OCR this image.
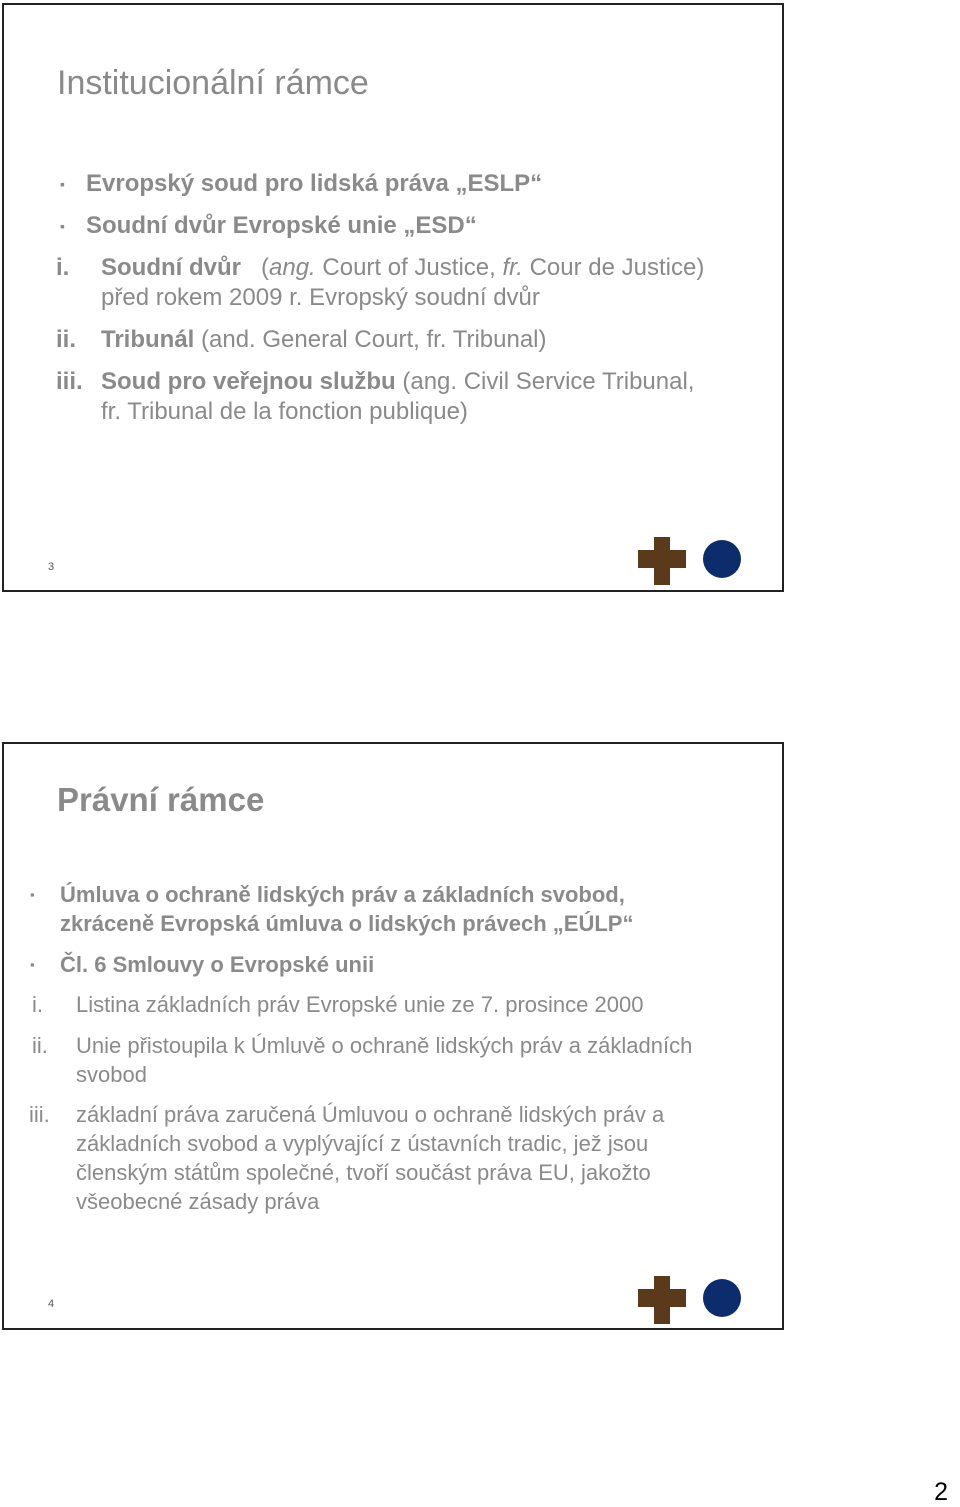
Institucionální rámce
▪ Evropský soud pro lidská práva „ESLP“
▪ Soudní dvůr Evropské unie „ESD“
i. Soudní dvůr   (ang. Court of Justice, fr. Cour de Justice)
před rokem 2009 r. Evropský soudní dvůr
ii. Tribunál (and. General Court, fr. Tribunal)
iii. Soud pro veřejnou službu (ang. Civil Service Tribunal,
fr. Tribunal de la fonction publique)
3
Právní rámce
▪ Úmluva o ochraně lidských práv a základních svobod,
zkráceně Evropská úmluva o lidských právech „EÚLP“
▪ Čl. 6 Smlouvy o Evropské unii
i. Listina základních práv Evropské unie ze 7. prosince 2000
ii. Unie přistoupila k Úmluvě o ochraně lidských práv a základních
svobod
iii. základní práva zaručená Úmluvou o ochraně lidských práv a
základních svobod a vyplývající z ústavních tradic, jež jsou
členským státům společné, tvoří součást práva EU, jakožto
všeobecné zásady práva
4
2
